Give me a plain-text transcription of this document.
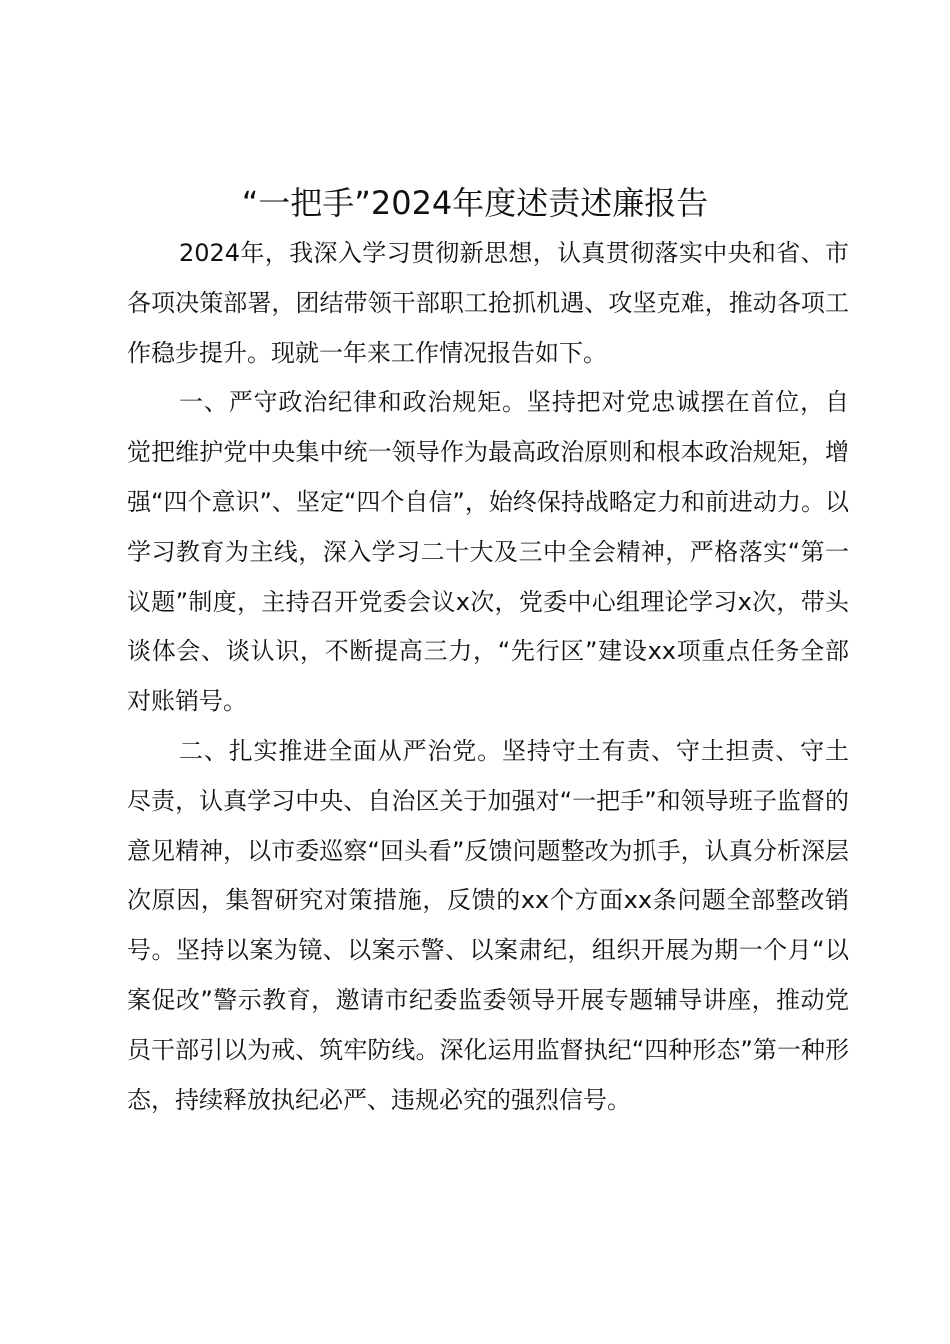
“一把手”2024年度述责述廉报告

2024年，我深入学习贯彻新思想，认真贯彻落实中央和省、市各项决策部署，团结带领干部职工抢抓机遇、攻坚克难，推动各项工作稳步提升。现就一年来工作情况报告如下。

一、严守政治纪律和政治规矩。坚持把对党忠诚摆在首位，自觉把维护党中央集中统一领导作为最高政治原则和根本政治规矩，增强“四个意识”、坚定“四个自信”，始终保持战略定力和前进动力。以学习教育为主线，深入学习二十大及三中全会精神，严格落实“第一议题”制度，主持召开党委会议x次，党委中心组理论学习x次，带头谈体会、谈认识，不断提高三力，“先行区”建设xx项重点任务全部对账销号。

二、扎实推进全面从严治党。坚持守土有责、守土担责、守土尽责，认真学习中央、自治区关于加强对“一把手”和领导班子监督的意见精神，以市委巡察“回头看”反馈问题整改为抓手，认真分析深层次原因，集智研究对策措施，反馈的xx个方面xx条问题全部整改销号。坚持以案为镜、以案示警、以案肃纪，组织开展为期一个月“以案促改”警示教育，邀请市纪委监委领导开展专题辅导讲座，推动党员干部引以为戒、筑牢防线。深化运用监督执纪“四种形态”第一种形态，持续释放执纪必严、违规必究的强烈信号。
